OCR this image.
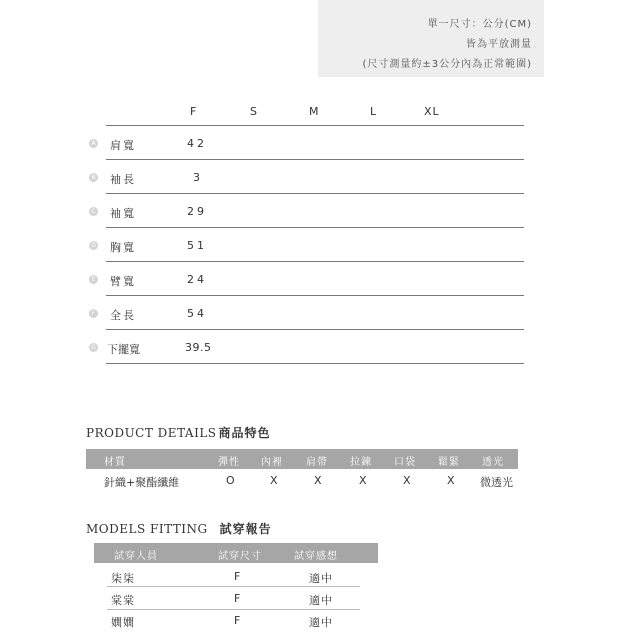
單一尺寸：公分(CM)
皆為平放測量
(尺寸測量約±3公分內為正常範圍)
F	S	M	L	XL
A 肩寬	42
B 袖長	3
C 袖寬	29
D 胸寬	51
E 臂寬	24
F 全長	54
G 下擺寬	39.5
PRODUCT DETAILS 商品特色
材質	彈性 內裡 肩帶 拉鍊 口袋 鬆緊 透光
針織+聚酯纖維	O	X	X	X	X	X 微透光
MODELS FITTING 試穿報告
試穿人員	試穿尺寸	試穿感想
柒柒	F	適中
棠棠	F	適中
嫺嫺	F	適中
